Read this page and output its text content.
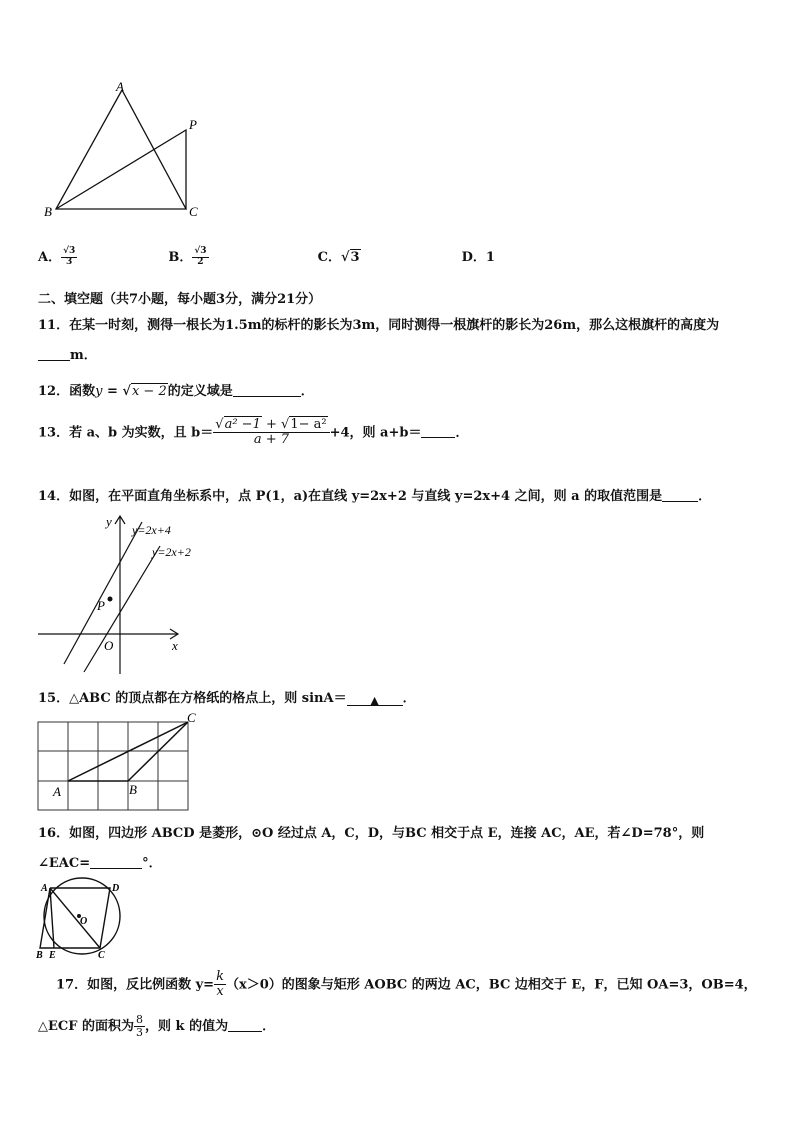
A
B	C
P
A． $\frac{√3}{3}$	B． $\frac{√3}{2}$	C．√3	D．1
二、填空题（共7小题，每小题3分，满分21分）
11．在某一时刻，测得一根长为1.5m的标杆的影长为3m，同时测得一根旗杆的影长为26m，那么这根旗杆的高度为
m．
12．函数y = √x − 2的定义域是	．
13．若 a、b 为实数，且 $b= \frac{\text{√a² −1 + √1− a²}}{a + 7} +4$，则 a+b＝	．
14．如图，在平面直角坐标系中，点 P(1，a)在直线 y=2x+2 与直线 y=2x+4 之间，则 a 的取值范围是	．
y
x
O
P
y=2x+4
y=2x+2
15．△ABC 的顶点都在方格纸的格点上，则 sinA＝ ▲ ．
A	B
C
16．如图，四边形 ABCD 是菱形，⊙O 经过点 A，C，D，与BC 相交于点 E，连接 AC，AE，若∠D=78°，则
∠EAC=	°．
A	D
B E	C
O
17．如图，反比例函数 $y= \frac{k}{x} (x>0)$的图象与矩形 AOBC 的两边 AC，BC 边相交于 E，F，已知 OA=3，OB=4，
△ECF 的面积为 $\frac{8}{3}$ ，则 k 的值为	．
